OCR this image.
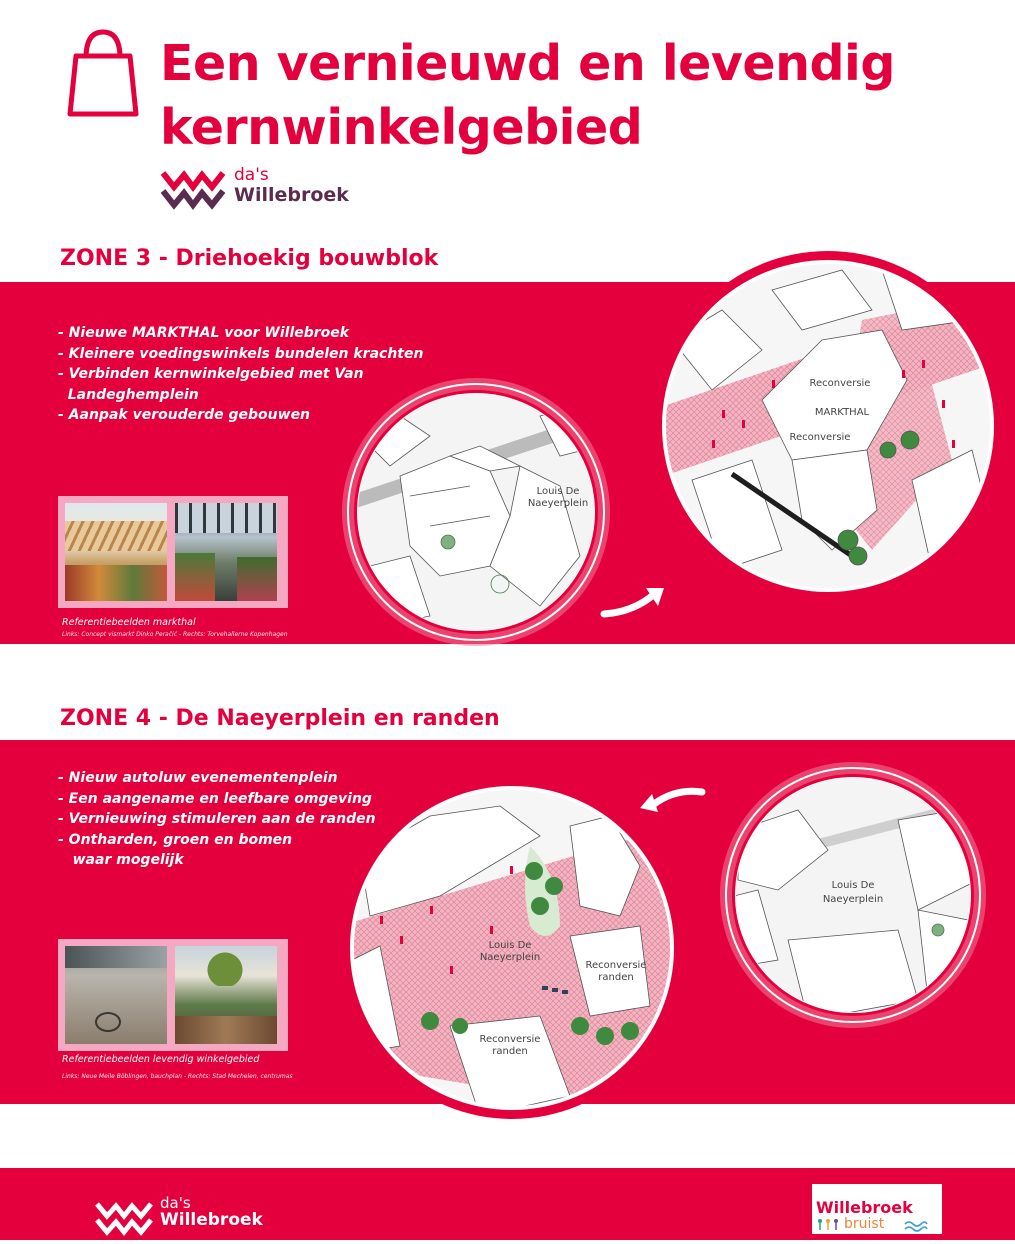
Een vernieuwd en levendig
kernwinkelgebied
da's
Willebroek
ZONE 3 - Driehoekig bouwblok
- Nieuwe MARKTHAL voor Willebroek
- Kleinere voedingswinkels bundelen krachten
- Verbinden kernwinkelgebied met Van
Landeghemplein
- Aanpak verouderde gebouwen
Referentiebeelden markthal
Links: Concept vismarkt Dinko Peračić - Rechts: Torvehallerne Kopenhagen
Louis De
Naeyerplein
Reconversie
MARKTHAL
Reconversie
ZONE 4 - De Naeyerplein en randen
- Nieuw autoluw evenementenplein
- Een aangename en leefbare omgeving
- Vernieuwing stimuleren aan de randen
- Ontharden, groen en bomen
waar mogelijk
Referentiebeelden levendig winkelgebied
Links: Neue Meile Böblingen, bauchplan - Rechts: Stad Mechelen, centrumas
Louis De
Naeyerplein
Reconversie
randen
Reconversie
randen
Louis De
Naeyerplein
da's
Willebroek
Willebroek
bruist
